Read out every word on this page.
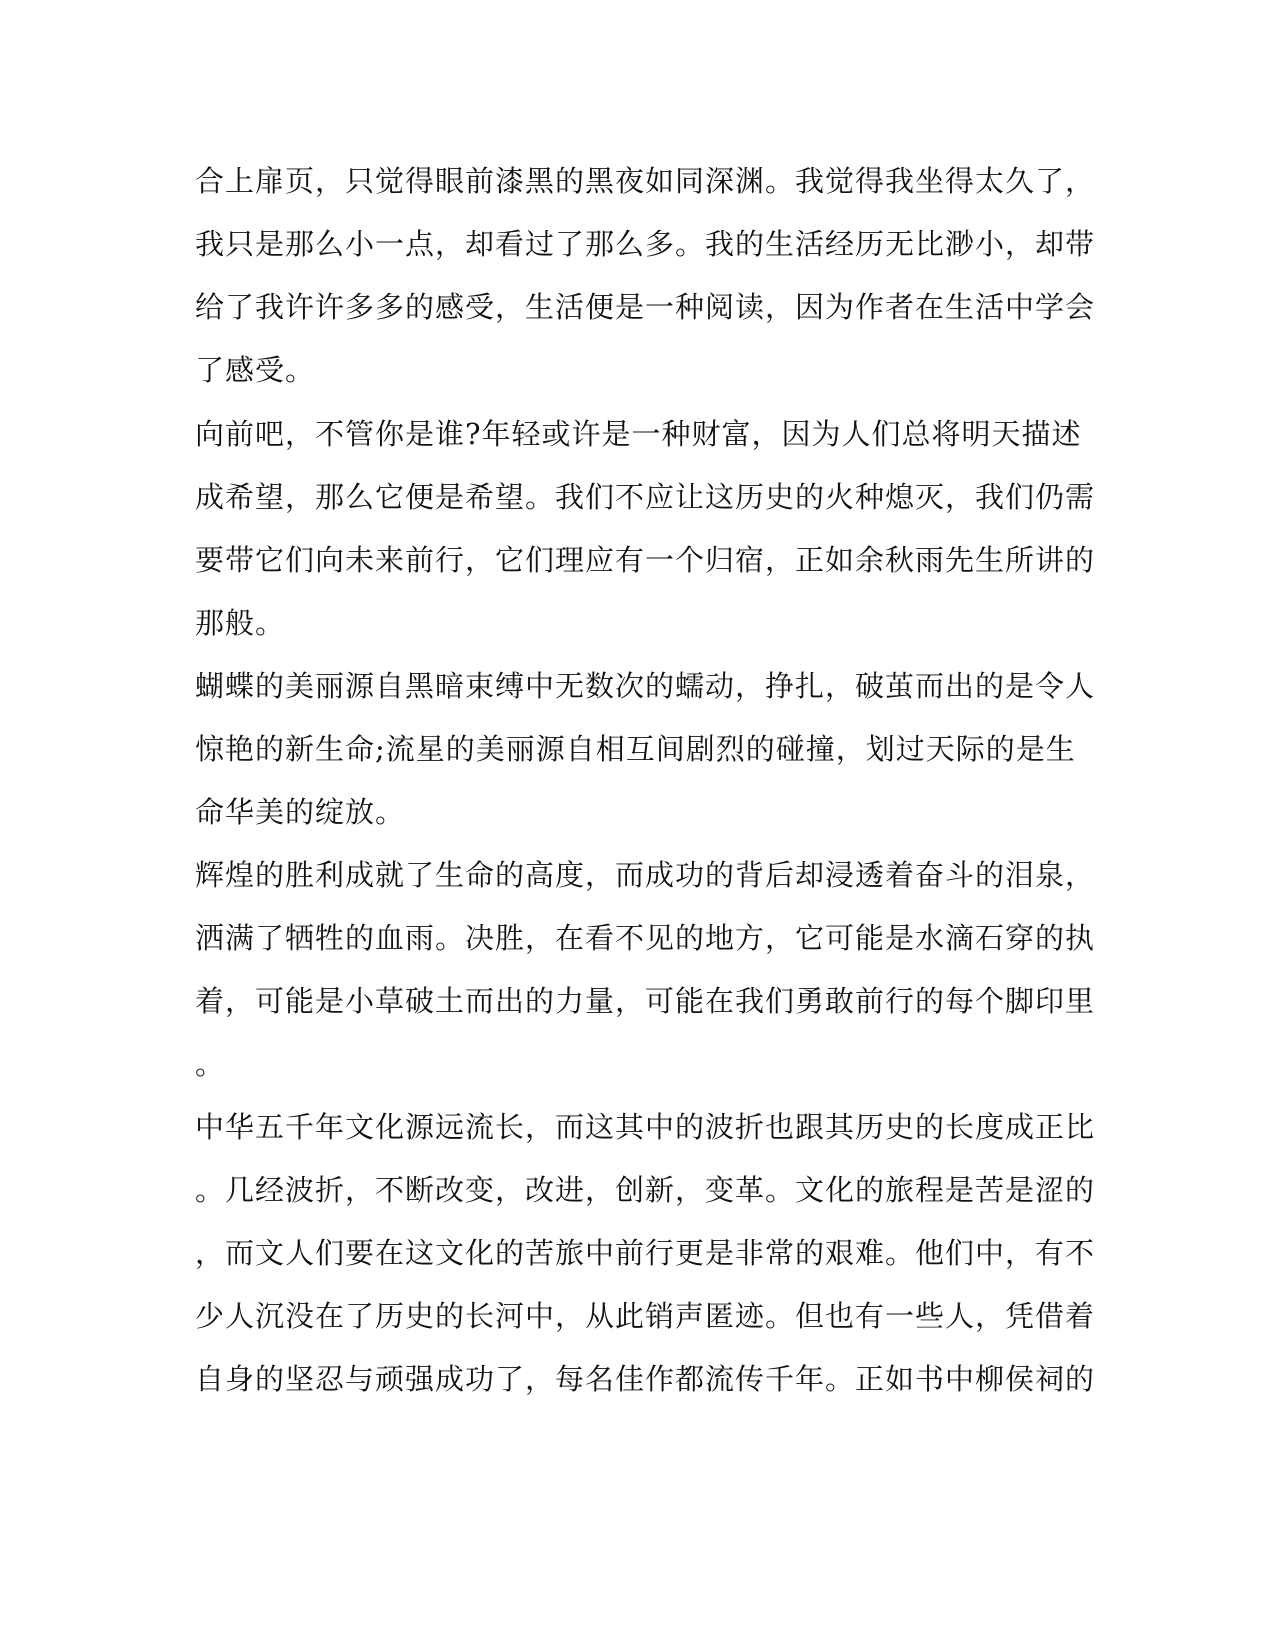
合上扉页，只觉得眼前漆黑的黑夜如同深渊。我觉得我坐得太久了，
我只是那么小一点，却看过了那么多。我的生活经历无比渺小，却带
给了我许许多多的感受，生活便是一种阅读，因为作者在生活中学会
了感受。
向前吧，不管你是谁?年轻或许是一种财富，因为人们总将明天描述
成希望，那么它便是希望。我们不应让这历史的火种熄灭，我们仍需
要带它们向未来前行，它们理应有一个归宿，正如余秋雨先生所讲的
那般。
蝴蝶的美丽源自黑暗束缚中无数次的蠕动，挣扎，破茧而出的是令人
惊艳的新生命;流星的美丽源自相互间剧烈的碰撞，划过天际的是生
命华美的绽放。
辉煌的胜利成就了生命的高度，而成功的背后却浸透着奋斗的泪泉，
洒满了牺牲的血雨。决胜，在看不见的地方，它可能是水滴石穿的执
着，可能是小草破土而出的力量，可能在我们勇敢前行的每个脚印里
。
中华五千年文化源远流长，而这其中的波折也跟其历史的长度成正比
。几经波折，不断改变，改进，创新，变革。文化的旅程是苦是涩的
，而文人们要在这文化的苦旅中前行更是非常的艰难。他们中，有不
少人沉没在了历史的长河中，从此销声匿迹。但也有一些人，凭借着
自身的坚忍与顽强成功了，每名佳作都流传千年。正如书中柳侯祠的
